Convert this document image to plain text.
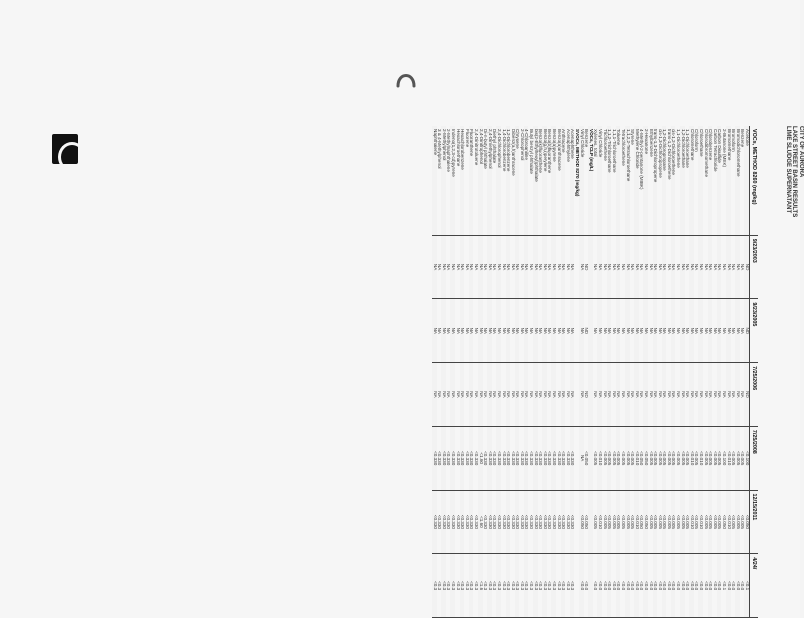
CITY OF AURORA
LAKE STREET BASIN RESULTS
LIME SLUDGE SUPERNATANT
VOCs, METHOD 8260 (mg/kg)	9/23/2003	9/23/2005	7/25/2006	7/25/2008	12/15/2011	4/24/
Acetone	ND	ND	ND	<0.100	<0.050	<0.1
Benzene	NA	NA	NA	<0.005	<0.005	<0.0
Bromodichloromethane	NA	NA	NA	<0.005	<0.005	<0.0
Bromoform	NA	NA	NA	<0.005	<0.005	<0.0
Bromomethane	NA	NA	NA	<0.010	<0.010	<0.0
2-Butanone (MEK)	NA	NA	NA	<0.100	<0.050	<0.1
Carbon Disulfide	NA	NA	NA	<0.005	<0.005	<0.0
Carbon Tetrachloride	NA	NA	NA	<0.005	<0.005	<0.0
Chlorobenzene	NA	NA	NA	<0.005	<0.005	<0.0
Chlorodibromomethane	NA	NA	NA	<0.005	<0.005	<0.0
Chloroethane	NA	NA	NA	<0.010	<0.010	<0.0
Chloroform	NA	NA	NA	<0.005	<0.005	<0.0
Chloromethane	NA	NA	NA	<0.010	<0.010	<0.0
1,1-Dichloroethane	NA	NA	NA	<0.005	<0.005	<0.0
1,2-Dichloroethane	NA	NA	NA	<0.005	<0.005	<0.0
1,1-Dichloroethene	NA	NA	NA	<0.005	<0.005	<0.0
cis-1,2-Dichloroethene	NA	NA	NA	<0.005	<0.005	<0.0
trans-1,2-Dichloroethene	NA	NA	NA	<0.005	<0.005	<0.0
1,2-Dichloropropane	NA	NA	NA	<0.005	<0.005	<0.0
cis-1,3-Dichloropropene	NA	NA	NA	<0.005	<0.005	<0.0
trans-1,3-Dichloropropene	NA	NA	NA	<0.005	<0.005	<0.0
Ethylbenzene	NA	NA	NA	<0.005	<0.005	<0.0
2-Hexanone	NA	NA	NA	<0.050	<0.050	<0.0
4-Methyl-2-pentanone (MIBK)	NA	NA	NA	<0.050	<0.050	<0.0
Methylene Chloride	NA	NA	NA	<0.010	<0.010	<0.0
Styrene	NA	NA	NA	<0.005	<0.005	<0.0
1,1,2,2-Tetrachloroethane	NA	NA	NA	<0.005	<0.005	<0.0
Tetrachloroethene	NA	NA	NA	<0.005	<0.005	<0.0
Toluene	NA	NA	NA	<0.005	<0.005	<0.0
1,1,1-Trichloroethane	NA	NA	NA	<0.005	<0.005	<0.0
1,1,2-Trichloroethane	NA	NA	NA	<0.005	<0.005	<0.0
Trichloroethene	NA	NA	NA	<0.005	<0.005	<0.0
Vinyl Chloride	NA	NA	NA	<0.010	<0.010	<0.0
Xylenes, total	NA	NA	NA	<0.005	<0.005	<0.0
VOCs, TCLP (mg/L)						
Benzene	ND	ND	ND	<0.050	<0.050	<0.0
Vinyl Chloride	NA	NA	NA	NA	<0.050	<0.0
SVOCs, METHOD 8270 (mg/kg)						
Acenaphthene	NA	NA	NA	<0.330	<0.330	<0.3
Acenaphthylene	NA	NA	NA	<0.330	<0.330	<0.3
Anthracene	NA	NA	NA	<0.330	<0.330	<0.3
Benzo(a)anthracene	NA	NA	NA	<0.330	<0.330	<0.3
Benzo(a)pyrene	NA	NA	NA	<0.330	<0.330	<0.3
Benzo(b)fluoranthene	NA	NA	NA	<0.330	<0.330	<0.3
Benzo(g,h,i)perylene	NA	NA	NA	<0.330	<0.330	<0.3
Benzo(k)fluoranthene	NA	NA	NA	<0.330	<0.330	<0.3
bis(2-Ethylhexyl)phthalate	NA	NA	NA	<0.330	<0.330	<0.3
Butyl benzyl phthalate	NA	NA	NA	<0.330	<0.330	<0.3
4-Chloroaniline	NA	NA	NA	<0.330	<0.330	<0.3
2-Chlorophenol	NA	NA	NA	<0.330	<0.330	<0.3
Chrysene	NA	NA	NA	<0.330	<0.330	<0.3
Dibenz(a,h)anthracene	NA	NA	NA	<0.330	<0.330	<0.3
1,2-Dichlorobenzene	NA	NA	NA	<0.330	<0.330	<0.3
1,4-Dichlorobenzene	NA	NA	NA	<0.330	<0.330	<0.3
2,4-Dichlorophenol	NA	NA	NA	<0.330	<0.330	<0.3
Diethyl phthalate	NA	NA	NA	<0.330	<0.330	<0.3
2,4-Dimethylphenol	NA	NA	NA	<0.330	<0.330	<0.3
Di-n-butyl phthalate	NA	NA	NA	<0.330	<0.330	<0.3
2,4-Dinitrophenol	NA	NA	NA	<1.60	<1.60	<1.6
2,4-Dinitrotoluene	NA	NA	NA	<0.330	<0.330	<0.3
Fluoranthene	NA	NA	NA	<0.330	<0.330	<0.3
Fluorene	NA	NA	NA	<0.330	<0.330	<0.3
Hexachlorobenzene	NA	NA	NA	<0.330	<0.330	<0.3
Hexachloroethane	NA	NA	NA	<0.330	<0.330	<0.3
Indeno(1,2,3-cd)pyrene	NA	NA	NA	<0.330	<0.330	<0.3
2-Methylnaphthalene	NA	NA	NA	<0.330	<0.330	<0.3
2-Methylphenol	NA	NA	NA	<0.330	<0.330	<0.3
3 & 4-Methylphenol	NA	NA	NA	<0.330	<0.330	<0.3
Naphthalene	NA	NA	NA	<0.330	<0.330	<0.3
